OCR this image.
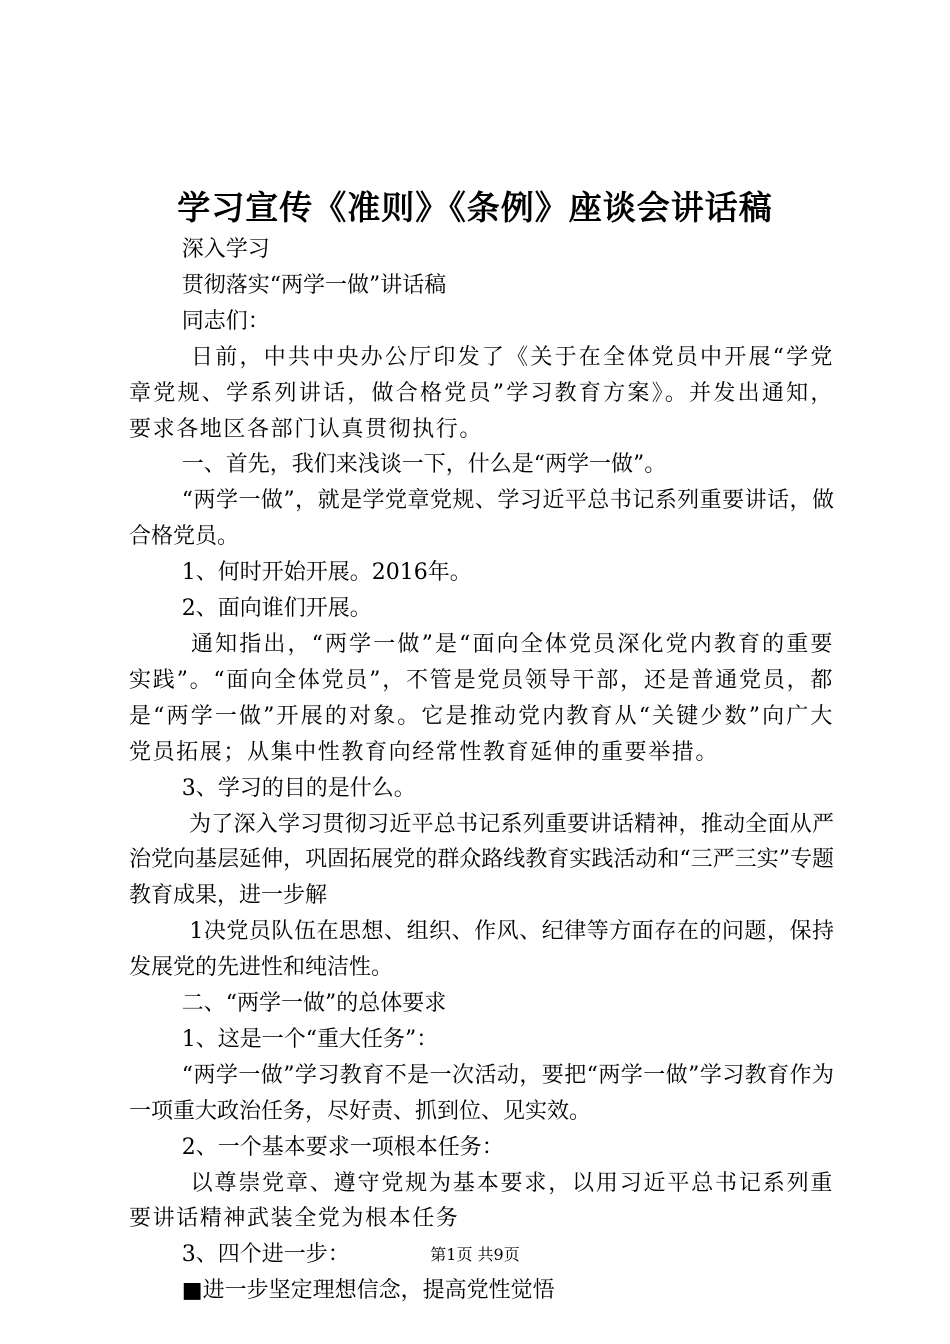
学习宣传《准则》《条例》座谈会讲话稿

深入学习

贯彻落实“两学一做”讲话稿

同志们：

日前，中共中央办公厅印发了《关于在全体党员中开展“学党章党规、学系列讲话，做合格党员”学习教育方案》。并发出通知，要求各地区各部门认真贯彻执行。

一、首先，我们来浅谈一下，什么是“两学一做”。

“两学一做”，就是学党章党规、学习近平总书记系列重要讲话，做合格党员。

1、何时开始开展。2016年。

2、面向谁们开展。

通知指出，“两学一做”是“面向全体党员深化党内教育的重要实践”。“面向全体党员”，不管是党员领导干部，还是普通党员，都是“两学一做”开展的对象。它是推动党内教育从“关键少数”向广大党员拓展；从集中性教育向经常性教育延伸的重要举措。

3、学习的目的是什么。

为了深入学习贯彻习近平总书记系列重要讲话精神，推动全面从严治党向基层延伸，巩固拓展党的群众路线教育实践活动和“三严三实”专题教育成果，进一步解

1决党员队伍在思想、组织、作风、纪律等方面存在的问题，保持发展党的先进性和纯洁性。

二、“两学一做”的总体要求

1、这是一个“重大任务”：

“两学一做”学习教育不是一次活动，要把“两学一做”学习教育作为一项重大政治任务，尽好责、抓到位、见实效。

2、一个基本要求一项根本任务：

以尊崇党章、遵守党规为基本要求，以用习近平总书记系列重要讲话精神武装全党为根本任务

3、四个进一步：

■进一步坚定理想信念，提高党性觉悟

第1页 共9页
